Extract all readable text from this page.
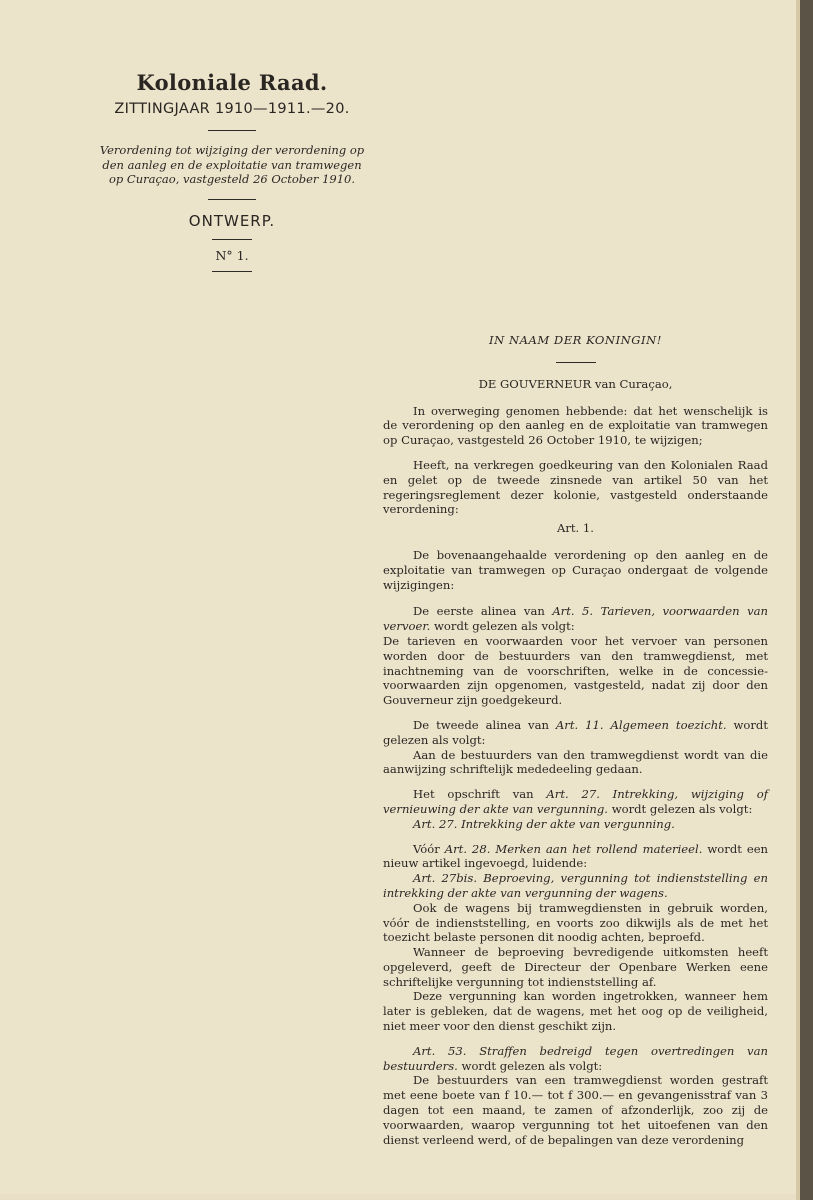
Koloniale Raad.
ZITTINGJAAR 1910—1911.—20.
Verordening tot wijziging der verordening op den aanleg en de exploitatie van tramwegen op Curaçao, vastgesteld 26 October 1910.
ONTWERP.
N° 1.

IN NAAM DER KONINGIN!

DE GOUVERNEUR van Curaçao,

In overweging genomen hebbende: dat het wenschelijk is de verordening op den aanleg en de exploitatie van tramwegen op Curaçao, vastgesteld 26 October 1910, te wijzigen;

Heeft, na verkregen goedkeuring van den Kolonialen Raad en gelet op de tweede zinsnede van artikel 50 van het regeringsreglement dezer kolonie, vastgesteld onderstaande verordening:

Art. 1.

De bovenaangehaalde verordening op den aanleg en de exploitatie van tramwegen op Curaçao ondergaat de volgende wijzigingen:

De eerste alinea van Art. 5. Tarieven, voorwaarden van vervoer. wordt gelezen als volgt:

De tarieven en voorwaarden voor het vervoer van personen worden door de bestuurders van den tramwegdienst, met inachtneming van de voorschriften, welke in de concessie-voorwaarden zijn opgenomen, vastgesteld, nadat zij door den Gouverneur zijn goedgekeurd.

De tweede alinea van Art. 11. Algemeen toezicht. wordt gelezen als volgt:

Aan de bestuurders van den tramwegdienst wordt van die aanwijzing schriftelijk mededeeling gedaan.

Het opschrift van Art. 27. Intrekking, wijziging of vernieuwing der akte van vergunning. wordt gelezen als volgt:

Art. 27. Intrekking der akte van vergunning.

Vóór Art. 28. Merken aan het rollend materieel. wordt een nieuw artikel ingevoegd, luidende:

Art. 27bis. Beproeving, vergunning tot indienststelling en intrekking der akte van vergunning der wagens.

Ook de wagens bij tramwegdiensten in gebruik worden, vóór de indienststelling, en voorts zoo dikwijls als de met het toezicht belaste personen dit noodig achten, beproefd.

Wanneer de beproeving bevredigende uitkomsten heeft opgeleverd, geeft de Directeur der Openbare Werken eene schriftelijke vergunning tot indienststelling af.

Deze vergunning kan worden ingetrokken, wanneer hem later is gebleken, dat de wagens, met het oog op de veiligheid, niet meer voor den dienst geschikt zijn.

Art. 53. Straffen bedreigd tegen overtredingen van bestuurders. wordt gelezen als volgt:

De bestuurders van een tramwegdienst worden gestraft met eene boete van f 10.— tot f 300.— en gevangenisstraf van 3 dagen tot een maand, te zamen of afzonderlijk, zoo zij de voorwaarden, waarop vergunning tot het uitoefenen van den dienst verleend werd, of de bepalingen van deze verordening
